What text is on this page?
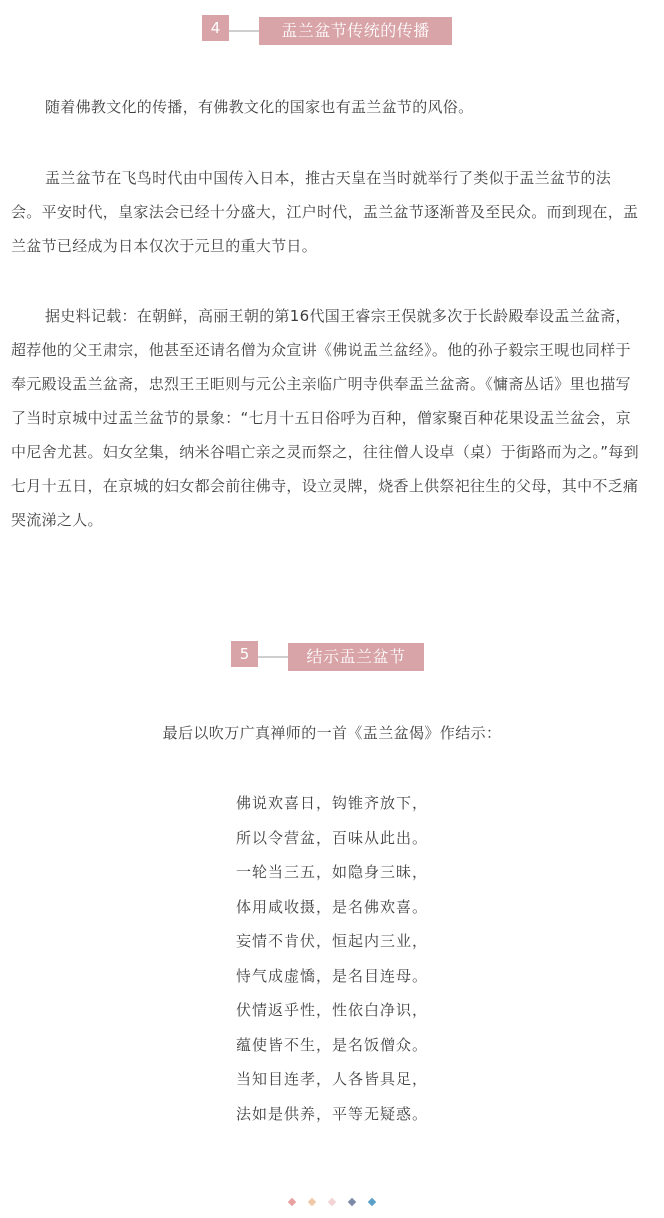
4	盂兰盆节传统的传播

随着佛教文化的传播，有佛教文化的国家也有盂兰盆节的风俗。

盂兰盆节在飞鸟时代由中国传入日本，推古天皇在当时就举行了类似于盂兰盆节的法会。平安时代，皇家法会已经十分盛大，江户时代，盂兰盆节逐渐普及至民众。而到现在，盂兰盆节已经成为日本仅次于元旦的重大节日。

据史料记载：在朝鲜，高丽王朝的第16代国王睿宗王俣就多次于长龄殿奉设盂兰盆斋，超荐他的父王肃宗，他甚至还请名僧为众宣讲《佛说盂兰盆经》。他的孙子毅宗王晛也同样于奉元殿设盂兰盆斋，忠烈王王昛则与元公主亲临广明寺供奉盂兰盆斋。《慵斋丛话》里也描写了当时京城中过盂兰盆节的景象：“七月十五日俗呼为百种，僧家聚百种花果设盂兰盆会，京中尼舍尤甚。妇女坌集，纳米谷唱亡亲之灵而祭之，往往僧人设卓（桌）于街路而为之。”每到七月十五日，在京城的妇女都会前往佛寺，设立灵牌，烧香上供祭祀往生的父母，其中不乏痛哭流涕之人。

5	结示盂兰盆节

最后以吹万广真禅师的一首《盂兰盆偈》作结示：

佛说欢喜日，钩锥齐放下，
所以令营盆，百味从此出。
一轮当三五，如隐身三昧，
体用咸收摄，是名佛欢喜。
妄情不肯伏，恒起内三业，
恃气成虚憍，是名目连母。
伏情返乎性，性依白净识，
蕴使皆不生，是名饭僧众。
当知目连孝，人各皆具足，
法如是供养，平等无疑惑。
